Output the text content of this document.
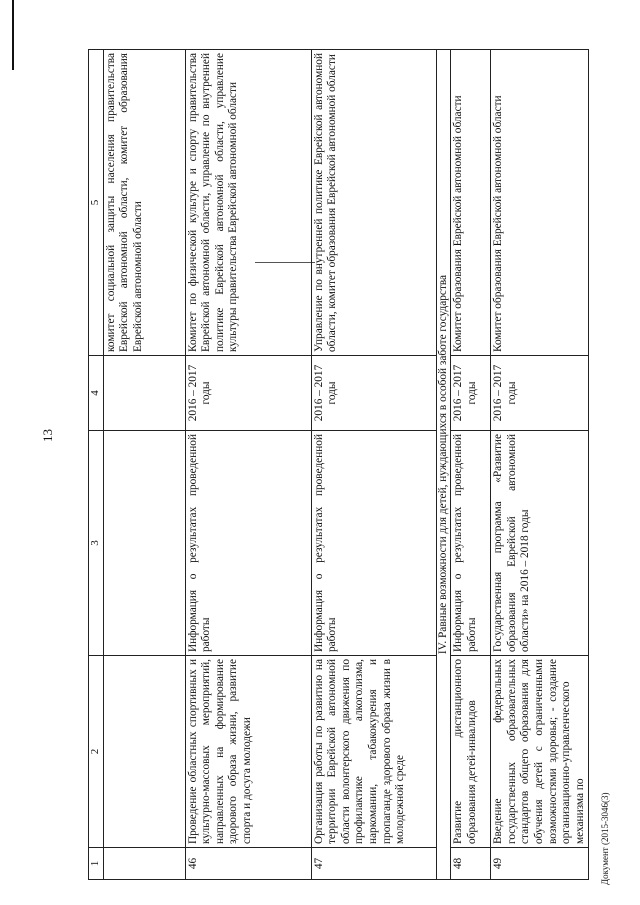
13
Документ (2015-3046(3)
1	2	3	4	5
				комитет социальной защиты населения правительства Еврейской автономной области, комитет образования Еврейской автономной области
46	Проведение областных спортивных и культурно-массовых мероприятий, направленных на формирование здорового образа жизни, развитие спорта и досуга молодежи	Информация о результатах проведенной работы	2016 – 2017 годы	Комитет по физической культуре и спорту правительства Еврейской автономной области, управление по внутренней политике Еврейской автономной области, управление культуры правительства Еврейской автономной области
47	Организация работы по развитию на территории Еврейской автономной области волонтерского движения по профилактике алкоголизма, наркомании, табакокурения и пропаганде здорового образа жизни в молодежной среде	Информация о результатах проведенной работы	2016 – 2017 годы	Управление по внутренней политике Еврейской автономной области, комитет образования Еврейской автономной области
IV. Равные возможности для детей, нуждающихся в особой заботе государства				
48	Развитие дистанционного образования детей-инвалидов	Информация о результатах проведенной работы	2016 – 2017 годы	Комитет образования Еврейской автономной области
49	Введение федеральных государственных образовательных стандартов общего образования для обучения детей с ограниченными возможностями здоровья; - создание организационно-управленческого механизма по	Государственная программа «Развитие образования Еврейской автономной области» на 2016 – 2018 годы	2016 – 2017 годы	Комитет образования Еврейской автономной области
